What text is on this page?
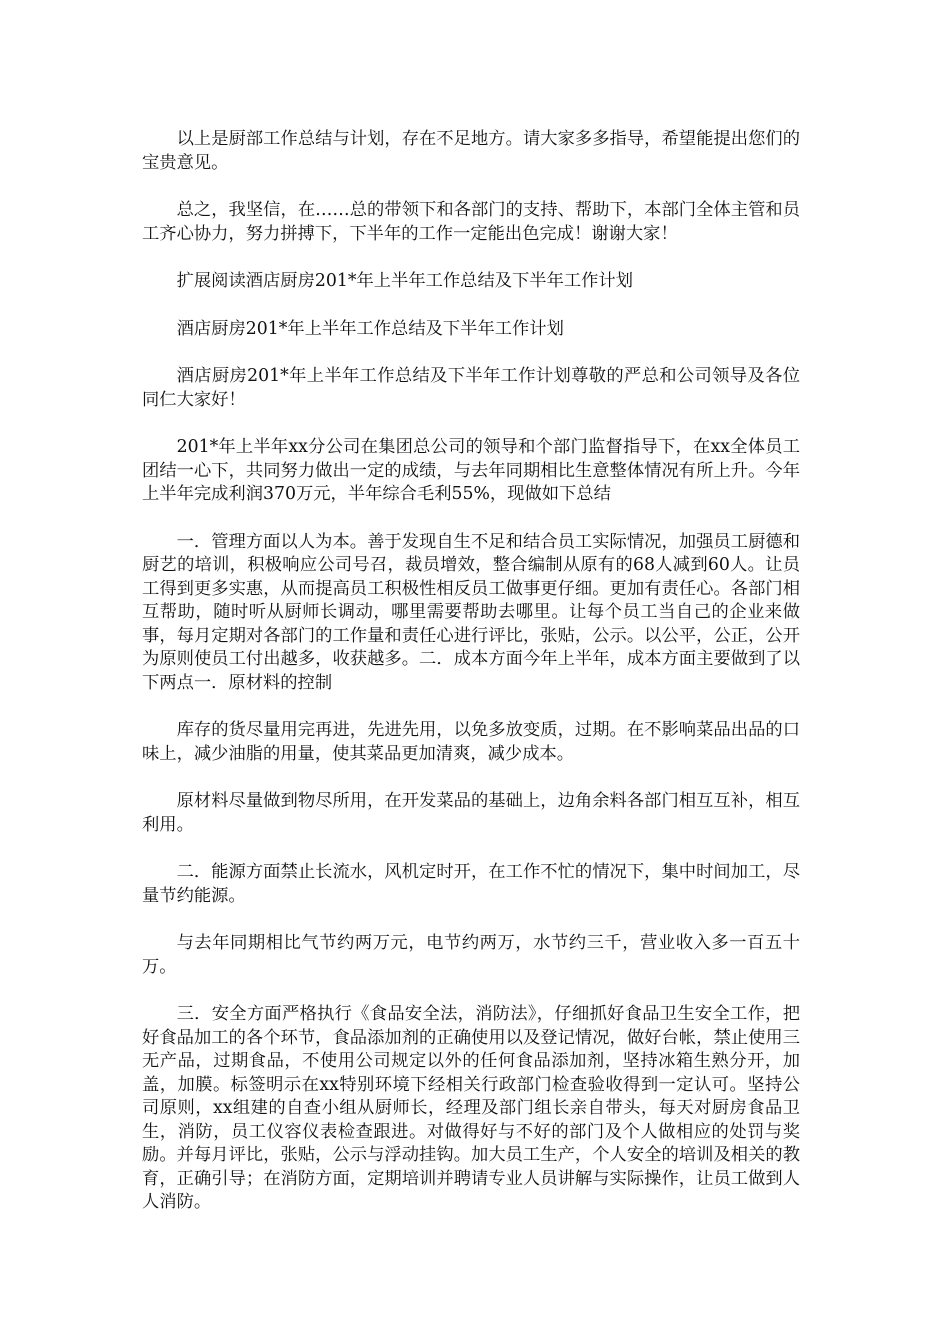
以上是厨部工作总结与计划，存在不足地方。请大家多多指导，希望能提出您们的宝贵意见。

总之，我坚信，在……总的带领下和各部门的支持、帮助下，本部门全体主管和员工齐心协力，努力拼搏下，下半年的工作一定能出色完成！谢谢大家！

扩展阅读酒店厨房201*年上半年工作总结及下半年工作计划

酒店厨房201*年上半年工作总结及下半年工作计划

酒店厨房201*年上半年工作总结及下半年工作计划尊敬的严总和公司领导及各位同仁大家好！

201*年上半年xx分公司在集团总公司的领导和个部门监督指导下，在xx全体员工团结一心下，共同努力做出一定的成绩，与去年同期相比生意整体情况有所上升。今年上半年完成利润370万元，半年综合毛利55%，现做如下总结

一．管理方面以人为本。善于发现自生不足和结合员工实际情况，加强员工厨德和厨艺的培训，积极响应公司号召，裁员增效，整合编制从原有的68人减到60人。让员工得到更多实惠，从而提高员工积极性相反员工做事更仔细。更加有责任心。各部门相互帮助，随时听从厨师长调动，哪里需要帮助去哪里。让每个员工当自己的企业来做事，每月定期对各部门的工作量和责任心进行评比，张贴，公示。以公平，公正，公开为原则使员工付出越多，收获越多。二．成本方面今年上半年，成本方面主要做到了以下两点一．原材料的控制

库存的货尽量用完再进，先进先用，以免多放变质，过期。在不影响菜品出品的口味上，减少油脂的用量，使其菜品更加清爽，减少成本。

原材料尽量做到物尽所用，在开发菜品的基础上，边角余料各部门相互互补，相互利用。

二．能源方面禁止长流水，风机定时开，在工作不忙的情况下，集中时间加工，尽量节约能源。

与去年同期相比气节约两万元，电节约两万，水节约三千，营业收入多一百五十万。

三．安全方面严格执行《食品安全法，消防法》，仔细抓好食品卫生安全工作，把好食品加工的各个环节，食品添加剂的正确使用以及登记情况，做好台帐，禁止使用三无产品，过期食品，不使用公司规定以外的任何食品添加剂，坚持冰箱生熟分开，加盖，加膜。标签明示在xx特别环境下经相关行政部门检查验收得到一定认可。坚持公司原则，xx组建的自查小组从厨师长，经理及部门组长亲自带头，每天对厨房食品卫生，消防，员工仪容仪表检查跟进。对做得好与不好的部门及个人做相应的处罚与奖励。并每月评比，张贴，公示与浮动挂钩。加大员工生产，个人安全的培训及相关的教育，正确引导；在消防方面，定期培训并聘请专业人员讲解与实际操作，让员工做到人人消防。
